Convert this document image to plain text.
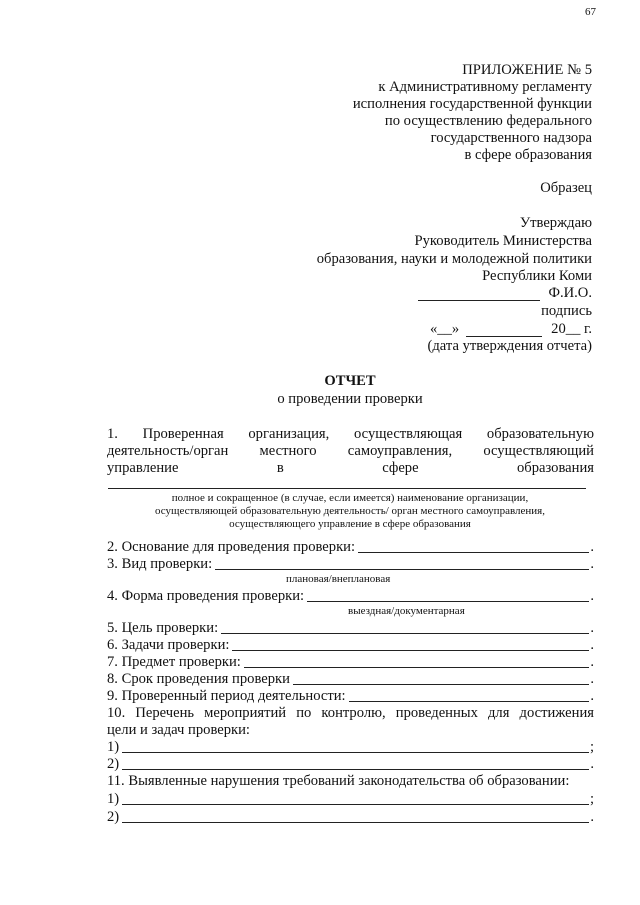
67
ПРИЛОЖЕНИЕ № 5
к Административному регламенту
исполнения государственной функции
по осуществлению федерального
государственного надзора
в сфере образования
Образец
Утверждаю
Руководитель Министерства
образования, науки и молодежной политики
Республики Коми
Ф.И.О.
подпись
«__»	20__ г.
(дата утверждения отчета)
ОТЧЕТ
о проведении проверки
1. Проверенная организация, осуществляющая образовательную
деятельность/орган местного самоуправления, осуществляющий
управление в сфере образования
полное и сокращенное (в случае, если имеется) наименование организации,
осуществляющей образовательную деятельность/ орган местного самоуправления,
осуществляющего управление в сфере образования
2. Основание для проведения проверки:	.
3. Вид проверки:	.
плановая/внеплановая
4. Форма проведения проверки:	.
выездная/документарная
5. Цель проверки:	.
6. Задачи проверки:	.
7. Предмет проверки:	.
8. Срок проведения проверки	.
9. Проверенный период деятельности:	.
10. Перечень мероприятий по контролю, проведенных для достижения
цели и задач проверки:
1)	;
2)	.
11. Выявленные нарушения требований законодательства об образовании:
1)	;
2)	.
